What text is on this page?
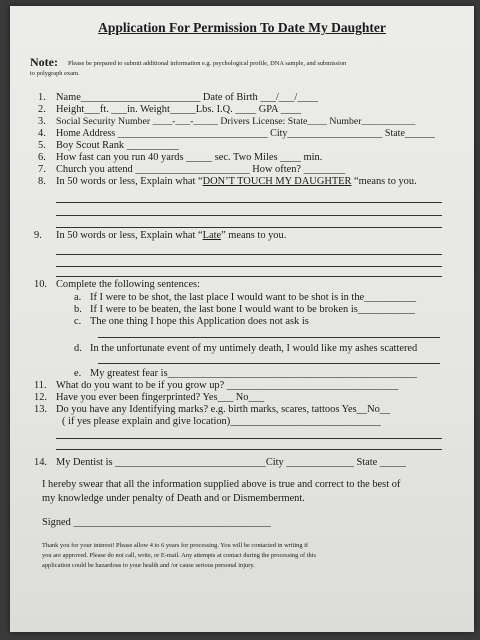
Application For Permission To Date My Daughter
Note: Please be prepared to submit additional information e.g. psychological profile, DNA sample, and submission
to polygraph exam.
1. Name_______________________ Date of Birth ___/___/____
2. Height___ft. ___in. Weight_____Lbs. I.Q. ____ GPA ____
3. Social Security Number ____-___-_____ Drivers License: State____ Number___________
4. Home Address ______________________________ City___________________ State______
5. Boy Scout Rank __________
6. How fast can you run 40 yards _____ sec. Two Miles ____ min.
7. Church you attend ______________________ How often? ________
8. In 50 words or less, Explain what “DON’T TOUCH MY DAUGHTER “means to you.
9. In 50 words or less, Explain what “Late” means to you.
10. Complete the following sentences:
a. If I were to be shot, the last place I would want to be shot is in the__________
b. If I were to be beaten, the last bone I would want to be broken is___________
c. The one thing I hope this Application does not ask is
d. In the unfortunate event of my untimely death, I would like my ashes scattered
e. My greatest fear is________________________________________________
11. What do you want to be if you grow up? _________________________________
12. Have you ever been fingerprinted? Yes___ No___
13. Do you have any Identifying marks? e.g. birth marks, scares, tattoos Yes__No__
( if yes please explain and give location)_____________________________
14. My Dentist is _____________________________City _____________ State _____
I hereby swear that all the information supplied above is true and correct to the best of
my knowledge under penalty of Death and or Dismemberment.
Signed ______________________________________
Thank you for your interest! Please allow 4 to 6 years for processing. You will be contacted in writing if
you are approved. Please do not call, write, or E-mail. Any attempts at contact during the processing of this
application could be hazardous to your health and /or cause serious personal injury.
